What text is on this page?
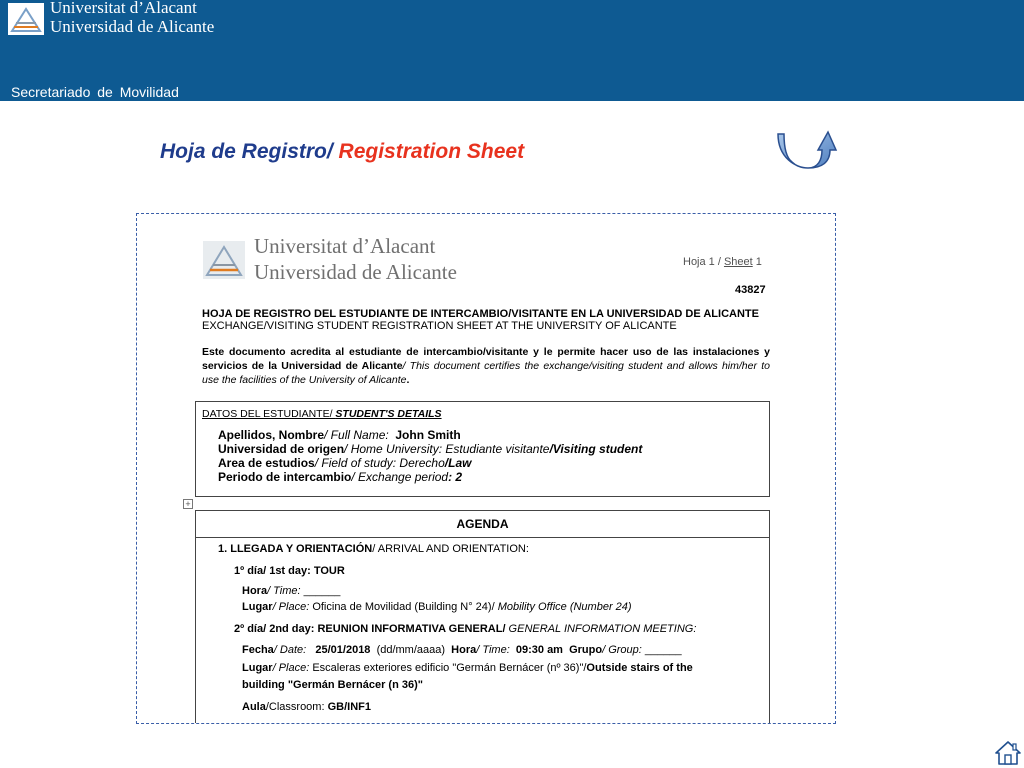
Universitat d’Alacant
Universidad de Alicante
Secretariado de Movilidad
Hoja de Registro/ Registration Sheet
Universitat d’Alacant
Universidad de Alicante	Hoja 1 / Sheet 1
43827
HOJA DE REGISTRO DEL ESTUDIANTE DE INTERCAMBIO/VISITANTE EN LA UNIVERSIDAD DE ALICANTE
EXCHANGE/VISITING STUDENT REGISTRATION SHEET AT THE UNIVERSITY OF ALICANTE
Este documento acredita al estudiante de intercambio/visitante y le permite hacer uso de las instalaciones y servicios de la Universidad de Alicante/ This document certifies the exchange/visiting student and allows him/her to use the facilities of the University of Alicante.
DATOS DEL ESTUDIANTE/ STUDENT'S DETAILS
Apellidos, Nombre/ Full Name: John Smith
Universidad de origen/ Home University: Estudiante visitante/Visiting student
Area de estudios/ Field of study: Derecho/Law
Periodo de intercambio/ Exchange period: 2
+
AGENDA
1. LLEGADA Y ORIENTACIÓN/ ARRIVAL AND ORIENTATION:
1º día/ 1st day: TOUR
Hora/ Time: ______
Lugar/ Place: Oficina de Movilidad (Building N° 24)/ Mobility Office (Number 24)
2º día/ 2nd day: REUNION INFORMATIVA GENERAL/ GENERAL INFORMATION MEETING:
Fecha/ Date: 25/01/2018 (dd/mm/aaaa) Hora/ Time: 09:30 am Grupo/ Group: ______
Lugar/ Place: Escaleras exteriores edificio "Germán Bernácer (nº 36)"/Outside stairs of the
building "Germán Bernácer (n 36)"
Aula/Classroom: GB/INF1
